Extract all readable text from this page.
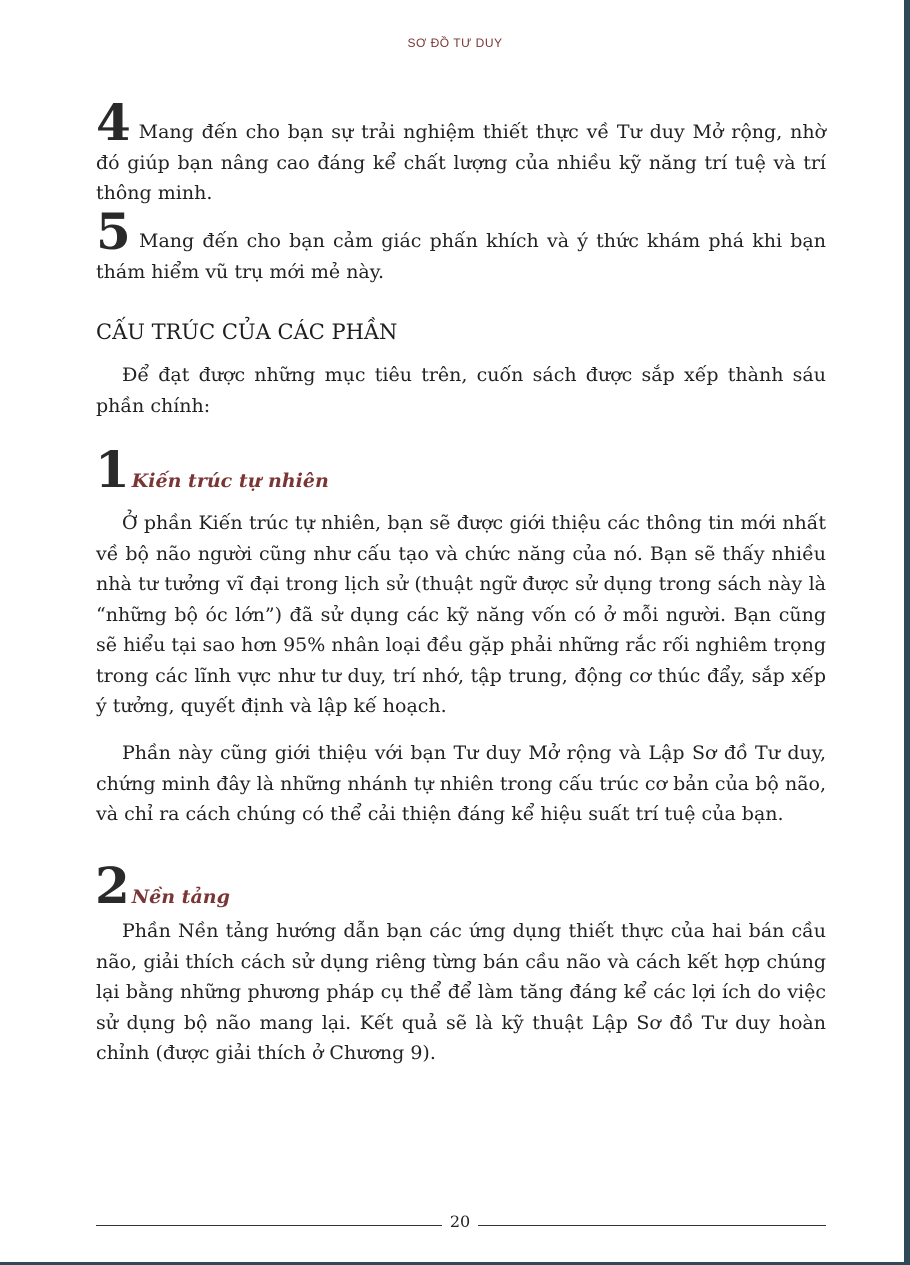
SƠ ĐỒ TƯ DUY
4 Mang đến cho bạn sự trải nghiệm thiết thực về Tư duy Mở rộng, nhờ đó giúp bạn nâng cao đáng kể chất lượng của nhiều kỹ năng trí tuệ và trí thông minh.
5 Mang đến cho bạn cảm giác phấn khích và ý thức khám phá khi bạn thám hiểm vũ trụ mới mẻ này.
CẤU TRÚC CỦA CÁC PHẦN
Để đạt được những mục tiêu trên, cuốn sách được sắp xếp thành sáu phần chính:
1 Kiến trúc tự nhiên
Ở phần Kiến trúc tự nhiên, bạn sẽ được giới thiệu các thông tin mới nhất về bộ não người cũng như cấu tạo và chức năng của nó. Bạn sẽ thấy nhiều nhà tư tưởng vĩ đại trong lịch sử (thuật ngữ được sử dụng trong sách này là “những bộ óc lớn”) đã sử dụng các kỹ năng vốn có ở mỗi người. Bạn cũng sẽ hiểu tại sao hơn 95% nhân loại đều gặp phải những rắc rối nghiêm trọng trong các lĩnh vực như tư duy, trí nhớ, tập trung, động cơ thúc đẩy, sắp xếp ý tưởng, quyết định và lập kế hoạch.
Phần này cũng giới thiệu với bạn Tư duy Mở rộng và Lập Sơ đồ Tư duy, chứng minh đây là những nhánh tự nhiên trong cấu trúc cơ bản của bộ não, và chỉ ra cách chúng có thể cải thiện đáng kể hiệu suất trí tuệ của bạn.
2 Nền tảng
Phần Nền tảng hướng dẫn bạn các ứng dụng thiết thực của hai bán cầu não, giải thích cách sử dụng riêng từng bán cầu não và cách kết hợp chúng lại bằng những phương pháp cụ thể để làm tăng đáng kể các lợi ích do việc sử dụng bộ não mang lại. Kết quả sẽ là kỹ thuật Lập Sơ đồ Tư duy hoàn chỉnh (được giải thích ở Chương 9).
20
